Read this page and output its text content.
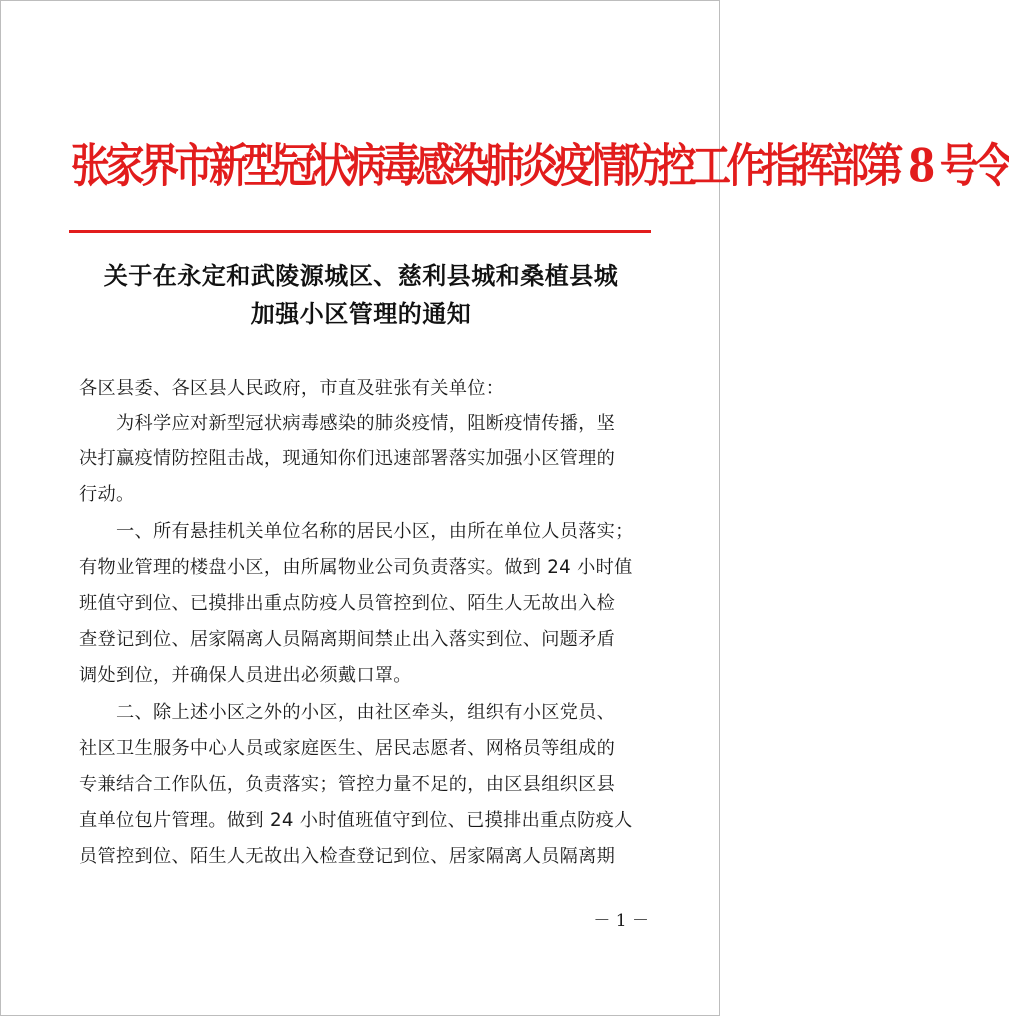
张家界市新型冠状病毒感染肺炎疫情防控工作指挥部第 8 号令
关于在永定和武陵源城区、慈利县城和桑植县城
加强小区管理的通知
各区县委、各区县人民政府，市直及驻张有关单位：
为科学应对新型冠状病毒感染的肺炎疫情，阻断疫情传播，坚
决打赢疫情防控阻击战，现通知你们迅速部署落实加强小区管理的
行动。
一、所有悬挂机关单位名称的居民小区，由所在单位人员落实；
有物业管理的楼盘小区，由所属物业公司负责落实。做到 24 小时值
班值守到位、已摸排出重点防疫人员管控到位、陌生人无故出入检
查登记到位、居家隔离人员隔离期间禁止出入落实到位、问题矛盾
调处到位，并确保人员进出必须戴口罩。
二、除上述小区之外的小区，由社区牵头，组织有小区党员、
社区卫生服务中心人员或家庭医生、居民志愿者、网格员等组成的
专兼结合工作队伍，负责落实；管控力量不足的，由区县组织区县
直单位包片管理。做到 24 小时值班值守到位、已摸排出重点防疫人
员管控到位、陌生人无故出入检查登记到位、居家隔离人员隔离期
－ 1 －
